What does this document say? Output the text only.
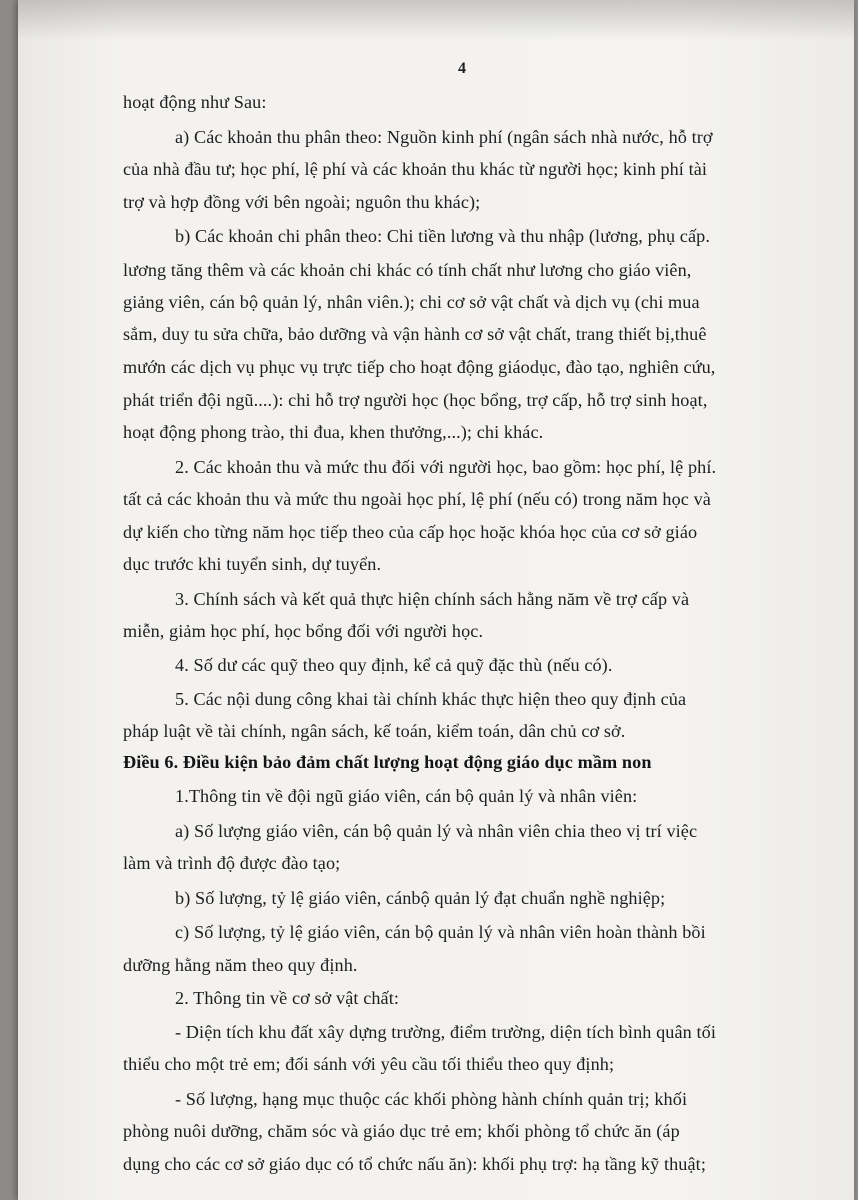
4
hoạt động như Sau:
a) Các khoản thu phân theo: Nguồn kinh phí (ngân sách nhà nước, hỗ trợ
của nhà đầu tư; học phí, lệ phí và các khoản thu khác từ người học; kinh phí tài
trợ và hợp đồng với bên ngoài; nguôn thu khác);
b) Các khoản chi phân theo: Chi tiền lương và thu nhập (lương, phụ cấp.
lương tăng thêm và các khoản chi khác có tính chất như lương cho giáo viên,
giảng viên, cán bộ quản lý, nhân viên.); chi cơ sở vật chất và dịch vụ (chi mua
sắm, duy tu sửa chữa, bảo dưỡng và vận hành cơ sở vật chất, trang thiết bị,thuê
mướn các dịch vụ phục vụ trực tiếp cho hoạt động giáodục, đào tạo, nghiên cứu,
phát triển đội ngũ....): chi hỗ trợ người học (học bổng, trợ cấp, hỗ trợ sinh hoạt,
hoạt động phong trào, thi đua, khen thưởng,...); chi khác.
2. Các khoản thu và mức thu đối với người học, bao gồm: học phí, lệ phí.
tất cả các khoản thu và mức thu ngoài học phí, lệ phí (nếu có) trong năm học và
dự kiến cho từng năm học tiếp theo của cấp học hoặc khóa học của cơ sở giáo
dục trước khi tuyển sinh, dự tuyển.
3. Chính sách và kết quả thực hiện chính sách hằng năm về trợ cấp và
miễn, giảm học phí, học bổng đối với người học.
4. Số dư các quỹ theo quy định, kể cả quỹ đặc thù (nếu có).
5. Các nội dung công khai tài chính khác thực hiện theo quy định của
pháp luật về tài chính, ngân sách, kế toán, kiểm toán, dân chủ cơ sở.
Điều 6. Điều kiện bảo đảm chất lượng hoạt động giáo dục mầm non
1.Thông tin về đội ngũ giáo viên, cán bộ quản lý và nhân viên:
a) Số lượng giáo viên, cán bộ quản lý và nhân viên chia theo vị trí việc
làm và trình độ được đào tạo;
b) Số lượng, tỷ lệ giáo viên, cánbộ quản lý đạt chuẩn nghề nghiệp;
c) Số lượng, tỷ lệ giáo viên, cán bộ quản lý và nhân viên hoàn thành bồi
dưỡng hằng năm theo quy định.
2. Thông tin về cơ sở vật chất:
- Diện tích khu đất xây dựng trường, điểm trường, diện tích bình quân tối
thiểu cho một trẻ em; đối sánh với yêu cầu tối thiểu theo quy định;
- Số lượng, hạng mục thuộc các khối phòng hành chính quản trị; khối
phòng nuôi dưỡng, chăm sóc và giáo dục trẻ em; khối phòng tổ chức ăn (áp
dụng cho các cơ sở giáo dục có tổ chức nấu ăn): khối phụ trợ: hạ tầng kỹ thuật;
